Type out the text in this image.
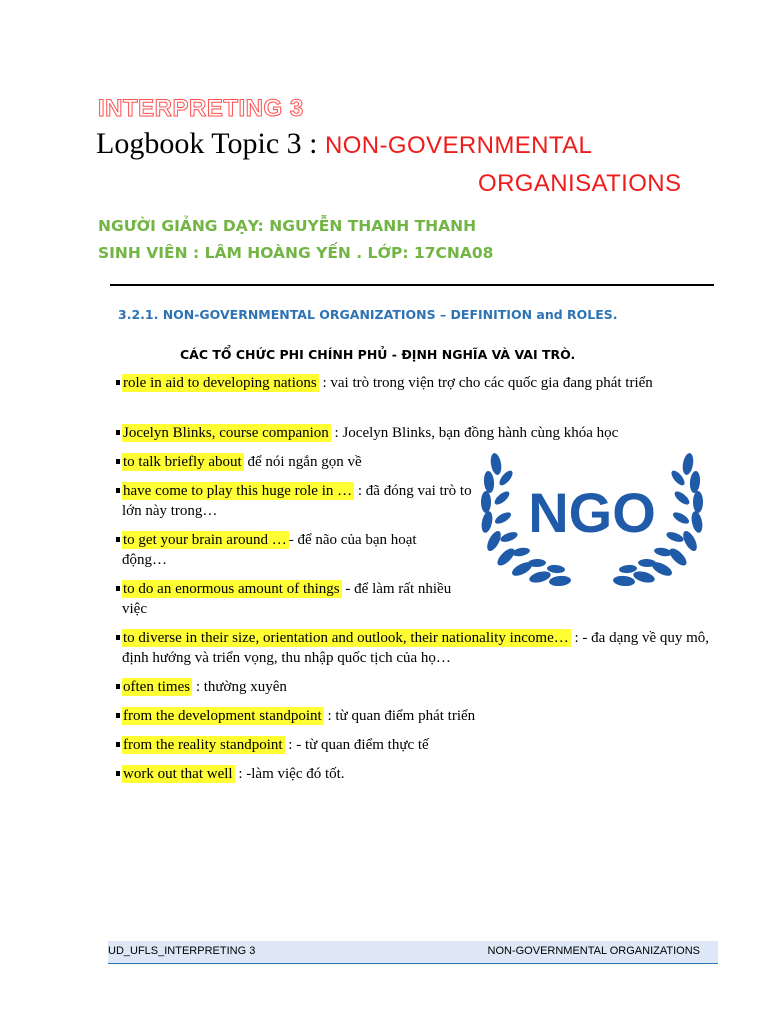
INTERPRETING 3
Logbook Topic 3 : NON-GOVERNMENTAL
ORGANISATIONS
NGƯỜI GIẢNG DẠY: NGUYỄN THANH THANH
SINH VIÊN : LÂM HOÀNG YẾN . LỚP: 17CNA08
3.2.1. NON-GOVERNMENTAL ORGANIZATIONS – DEFINITION and ROLES.
CÁC TỔ CHỨC PHI CHÍNH PHỦ - ĐỊNH NGHĨA VÀ VAI TRÒ.
role in aid to developing nations : vai trò trong viện trợ cho các quốc gia đang phát triển
Jocelyn Blinks, course companion : Jocelyn Blinks, bạn đồng hành cùng khóa học
to talk briefly about để nói ngắn gọn về
have come to play this huge role in … : đã đóng vai trò to lớn này trong…
to get your brain around … - để não của bạn hoạt động…
to do an enormous amount of things - để làm rất nhiều việc
to diverse in their size, orientation and outlook, their nationality income… : - đa dạng về quy mô, định hướng và triển vọng, thu nhập quốc tịch của họ…
often times : thường xuyên
from the development standpoint : từ quan điểm phát triển
from the reality standpoint : - từ quan điểm thực tế
work out that well : -làm việc đó tốt.
NGO
UD_UFLS_INTERPRETING 3	NON-GOVERNMENTAL ORGANIZATIONS
